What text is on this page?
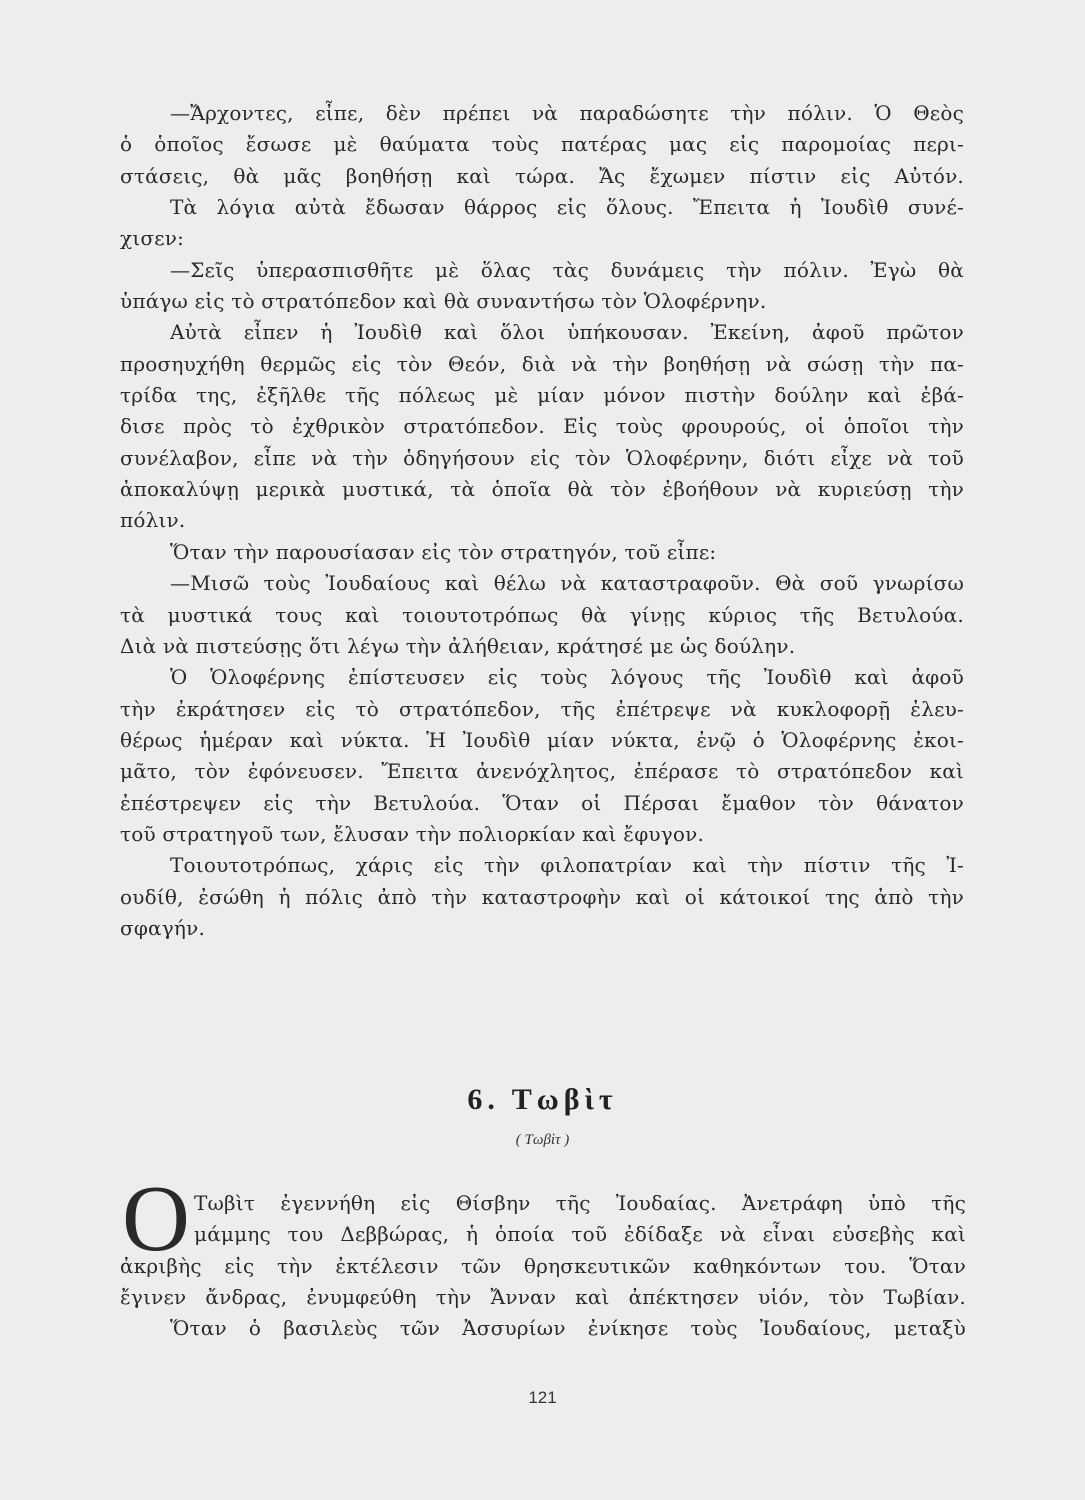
—Ἄρχοντες, εἶπε, δὲν πρέπει νὰ παραδώσητε τὴν πόλιν. Ὁ Θεὸς
ὁ ὁποῖος ἔσωσε μὲ θαύματα τοὺς πατέρας μας εἰς παρομοίας περι-
στάσεις, θὰ μᾶς βοηθήσῃ καὶ τώρα. Ἄς ἔχωμεν πίστιν εἰς Αὐτόν.
Τὰ λόγια αὐτὰ ἔδωσαν θάρρος εἰς ὅλους. Ἔπειτα ἡ Ἰουδὶθ συνέ-
χισεν:
—Σεῖς ὑπερασπισθῆτε μὲ ὅλας τὰς δυνάμεις τὴν πόλιν. Ἐγὼ θὰ
ὑπάγω εἰς τὸ στρατόπεδον καὶ θὰ συναντήσω τὸν Ὁλοφέρνην.
Αὐτὰ εἶπεν ἡ Ἰουδὶθ καὶ ὅλοι ὑπήκουσαν. Ἐκείνη, ἀφοῦ πρῶτον
προσηυχήθη θερμῶς εἰς τὸν Θεόν, διὰ νὰ τὴν βοηθήσῃ νὰ σώσῃ τὴν πα-
τρίδα της, ἐξῆλθε τῆς πόλεως μὲ μίαν μόνον πιστὴν δούλην καὶ ἐβά-
δισε πρὸς τὸ ἐχθρικὸν στρατόπεδον. Εἰς τοὺς φρουρούς, οἱ ὁποῖοι τὴν
συνέλαβον, εἶπε νὰ τὴν ὁδηγήσουν εἰς τὸν Ὁλοφέρνην, διότι εἶχε νὰ τοῦ
ἀποκαλύψῃ μερικὰ μυστικά, τὰ ὁποῖα θὰ τὸν ἐβοήθουν νὰ κυριεύσῃ τὴν
πόλιν.
Ὅταν τὴν παρουσίασαν εἰς τὸν στρατηγόν, τοῦ εἶπε:
—Μισῶ τοὺς Ἰουδαίους καὶ θέλω νὰ καταστραφοῦν. Θὰ σοῦ γνωρίσω
τὰ μυστικά τους καὶ τοιουτοτρόπως θὰ γίνῃς κύριος τῆς Βετυλούα.
Διὰ νὰ πιστεύσῃς ὅτι λέγω τὴν ἀλήθειαν, κράτησέ με ὡς δούλην.
Ὁ Ὁλοφέρνης ἐπίστευσεν εἰς τοὺς λόγους τῆς Ἰουδὶθ καὶ ἀφοῦ
τὴν ἐκράτησεν εἰς τὸ στρατόπεδον, τῆς ἐπέτρεψε νὰ κυκλοφορῇ ἐλευ-
θέρως ἡμέραν καὶ νύκτα. Ἡ Ἰουδὶθ μίαν νύκτα, ἐνῷ ὁ Ὁλοφέρνης ἐκοι-
μᾶτο, τὸν ἐφόνευσεν. Ἔπειτα ἀνενόχλητος, ἐπέρασε τὸ στρατόπεδον καὶ
ἐπέστρεψεν εἰς τὴν Βετυλούα. Ὅταν οἱ Πέρσαι ἔμαθον τὸν θάνατον
τοῦ στρατηγοῦ των, ἔλυσαν τὴν πολιορκίαν καὶ ἔφυγον.
Τοιουτοτρόπως, χάρις εἰς τὴν φιλοπατρίαν καὶ τὴν πίστιν τῆς Ἰ-
ουδίθ, ἐσώθη ἡ πόλις ἀπὸ τὴν καταστροφὴν καὶ οἱ κάτοικοί της ἀπὸ τὴν
σφαγήν.
6. Τωβὶτ
( Τωβὶτ )
Ο Τωβὶτ ἐγεννήθη εἰς Θίσβην τῆς Ἰουδαίας. Ἀνετράφη ὑπὸ τῆς
μάμμης του Δεββώρας, ἡ ὁποία τοῦ ἐδίδαξε νὰ εἶναι εὐσεβὴς καὶ
ἀκριβὴς εἰς τὴν ἐκτέλεσιν τῶν θρησκευτικῶν καθηκόντων του. Ὅταν
ἔγινεν ἄνδρας, ἐνυμφεύθη τὴν Ἄνναν καὶ ἀπέκτησεν υἱόν, τὸν Τωβίαν.
Ὅταν ὁ βασιλεὺς τῶν Ἀσσυρίων ἐνίκησε τοὺς Ἰουδαίους, μεταξὺ
121
